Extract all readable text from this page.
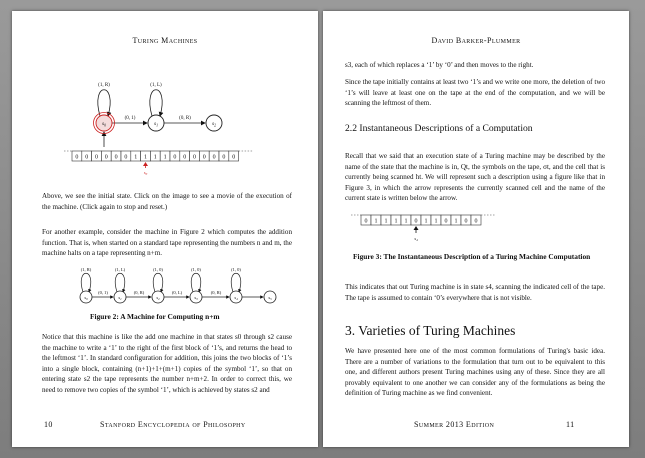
Turing Machines
(1, R)	(1, L)
(0, 1)	(0, R)
$s_0$	$s_1$	$s_2$
0 0 0 0 0 0 1 1 1 1 0 0 0 0 0 0 0
$s_0$
Above, we see the initial state. Click on the image to see a movie of the execution of the machine. (Click again to stop and reset.)
For another example, consider the machine in Figure 2 which computes the addition function. That is, when started on a standard tape representing the numbers n and m, the machine halts on a tape representing n+m.
(1, R)	(1, L)	(1, 0)	(1, 0)	(1, 0)
(0, 1)	(0, R)	(0, L)	(0, R)
$s_0$	$s_1$	$s_2$	$s_3$	$s_4$	$s_5$
Figure 2: A Machine for Computing n+m
Notice that this machine is like the add one machine in that states s0 through s2 cause the machine to write a ‘1’ to the right of the first block of ‘1’s, and returns the head to the leftmost ‘1’. In standard configuration for addition, this joins the two blocks of ‘1’s into a single block, containing (n+1)+1+(m+1) copies of the symbol ‘1’, so that on entering state s2 the tape represents the number n+m+2. In order to correct this, we need to remove two copies of the symbol ‘1’, which is achieved by states s2 and
10	Stanford Encyclopedia of Philosophy
David Barker-Plummer
s3, each of which replaces a ‘1’ by ‘0’ and then moves to the right.
Since the tape initially contains at least two ‘1’s and we write one more, the deletion of two ‘1’s will leave at least one on the tape at the end of the computation, and we will be scanning the leftmost of them.
2.2 Instantaneous Descriptions of a Computation
Recall that we said that an execution state of a Turing machine may be described by the name of the state that the machine is in, Qt, the symbols on the tape, σt, and the cell that is currently being scanned ht. We will represent such a description using a figure like that in Figure 3, in which the arrow represents the currently scanned cell and the name of the current state is written below the arrow.
0 1 1 1 1 0 1 1 0 1 0 0
$s_4$
Figure 3: The Instantaneous Description of a Turing Machine Computation
This indicates that out Turing machine is in state s4, scanning the indicated cell of the tape. The tape is assumed to contain ‘0’s everywhere that is not visible.
3. Varieties of Turing Machines
We have presented here one of the most common formulations of Turing's basic idea. There are a number of variations to the formulation that turn out to be equivalent to this one, and different authors present Turing machines using any of these. Since they are all provably equivalent to one another we can consider any of the formulations as being the definition of Turing machine as we find convenient.
Summer 2013 Edition	11
